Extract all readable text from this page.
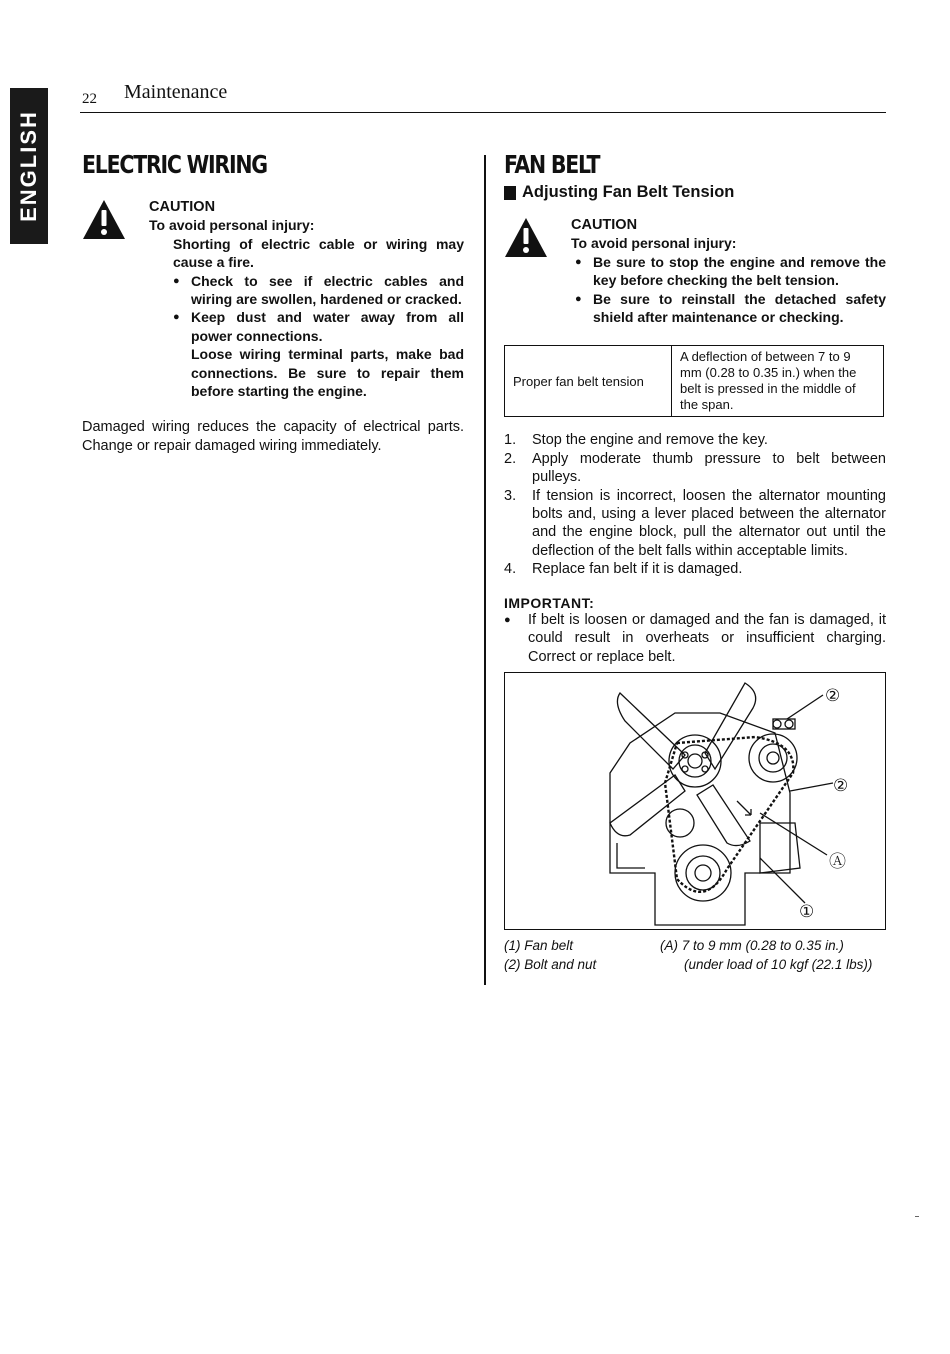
ENGLISH
22 Maintenance
ELECTRIC WIRING
CAUTION
To avoid personal injury:
Shorting of electric cable or wiring may cause a fire.
● Check to see if electric cables and wiring are swollen, hardened or cracked.
● Keep dust and water away from all power connections.
Loose wiring terminal parts, make bad connections. Be sure to repair them before starting the engine.

Damaged wiring reduces the capacity of electrical parts. Change or repair damaged wiring immediately.

FAN BELT
Adjusting Fan Belt Tension
CAUTION
To avoid personal injury:
● Be sure to stop the engine and remove the key before checking the belt tension.
● Be sure to reinstall the detached safety shield after maintenance or checking.
Proper fan belt tension	A deflection of between 7 to 9 mm (0.28 to 0.35 in.) when the belt is pressed in the middle of the span.
1.	Stop the engine and remove the key.
2.	Apply moderate thumb pressure to belt between pulleys.
3.	If tension is incorrect, loosen the alternator mounting bolts and, using a lever placed between the alternator and the engine block, pull the alternator out until the deflection of the belt falls within acceptable limits.
4.	Replace fan belt if it is damaged.
IMPORTANT:
●	If belt is loosen or damaged and the fan is damaged, it could result in overheats or insufficient charging. Correct or replace belt.
②
②
Ⓐ
①
(1) Fan belt	(A) 7 to 9 mm (0.28 to 0.35 in.)
(2) Bolt and nut	(under load of 10 kgf (22.1 lbs))
